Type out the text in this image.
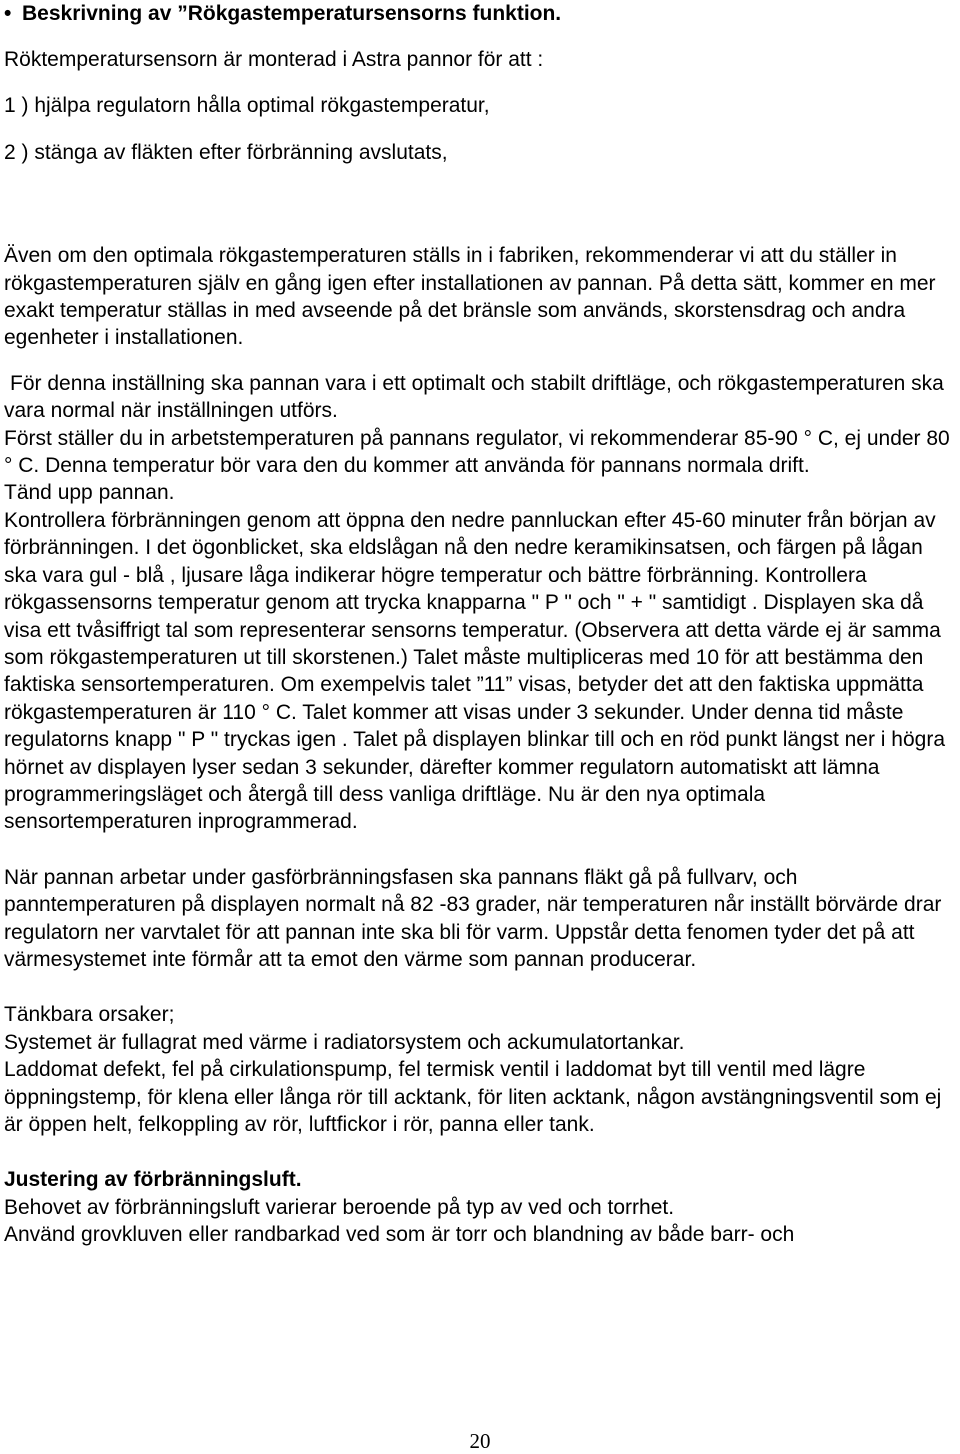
• Beskrivning av ”Rökgastemperatursensorns funktion.

Röktemperatursensorn är monterad i Astra pannor för att :

1 ) hjälpa regulatorn hålla optimal rökgastemperatur,

2 ) stänga av fläkten efter förbränning avslutats,

Även om den optimala rökgastemperaturen ställs in i fabriken, rekommenderar vi att du ställer in rökgastemperaturen själv en gång igen efter installationen av pannan. På detta sätt, kommer en mer exakt temperatur ställas in med avseende på det bränsle som används, skorstensdrag och andra egenheter i installationen.

För denna inställning ska pannan vara i ett optimalt och stabilt driftläge, och rökgastemperaturen ska vara normal när inställningen utförs.

Först ställer du in arbetstemperaturen på pannans regulator, vi rekommenderar 85-90 ° C, ej under 80 ° C. Denna temperatur bör vara den du kommer att använda för pannans normala drift.

Tänd upp pannan.

Kontrollera förbränningen genom att öppna den nedre pannluckan efter 45-60 minuter från början av förbränningen. I det ögonblicket, ska eldslågan nå den nedre keramikinsatsen, och färgen på lågan ska vara gul - blå , ljusare låga indikerar högre temperatur och bättre förbränning. Kontrollera rökgassensorns temperatur genom att trycka knapparna " P " och " + " samtidigt . Displayen ska då visa ett tvåsiffrigt tal som representerar sensorns temperatur. (Observera att detta värde ej är samma som rökgastemperaturen ut till skorstenen.) Talet måste multipliceras med 10 för att bestämma den faktiska sensortemperaturen. Om exempelvis talet ”11” visas, betyder det att den faktiska uppmätta rökgastemperaturen är 110 ° C. Talet kommer att visas under 3 sekunder. Under denna tid måste regulatorns knapp " P " tryckas igen . Talet på displayen blinkar till och en röd punkt längst ner i högra hörnet av displayen lyser sedan 3 sekunder, därefter kommer regulatorn automatiskt att lämna programmeringsläget och återgå till dess vanliga driftläge. Nu är den nya optimala sensortemperaturen inprogrammerad.

När pannan arbetar under gasförbränningsfasen ska pannans fläkt gå på fullvarv, och panntemperaturen på displayen normalt nå 82 -83 grader, när temperaturen når inställt börvärde drar regulatorn ner varvtalet för att pannan inte ska bli för varm. Uppstår detta fenomen tyder det på att värmesystemet inte förmår att ta emot den värme som pannan producerar.

Tänkbara orsaker;

Systemet är fullagrat med värme i radiatorsystem och ackumulatortankar.

Laddomat defekt, fel på cirkulationspump, fel termisk ventil i laddomat byt till ventil med lägre öppningstemp, för klena eller långa rör till acktank, för liten acktank, någon avstängningsventil som ej är öppen helt, felkoppling av rör, luftfickor i rör, panna eller tank.

Justering av förbränningsluft.

Behovet av förbränningsluft varierar beroende på typ av ved och torrhet.

Använd grovkluven eller randbarkad ved som är torr och blandning av både barr- och

20
